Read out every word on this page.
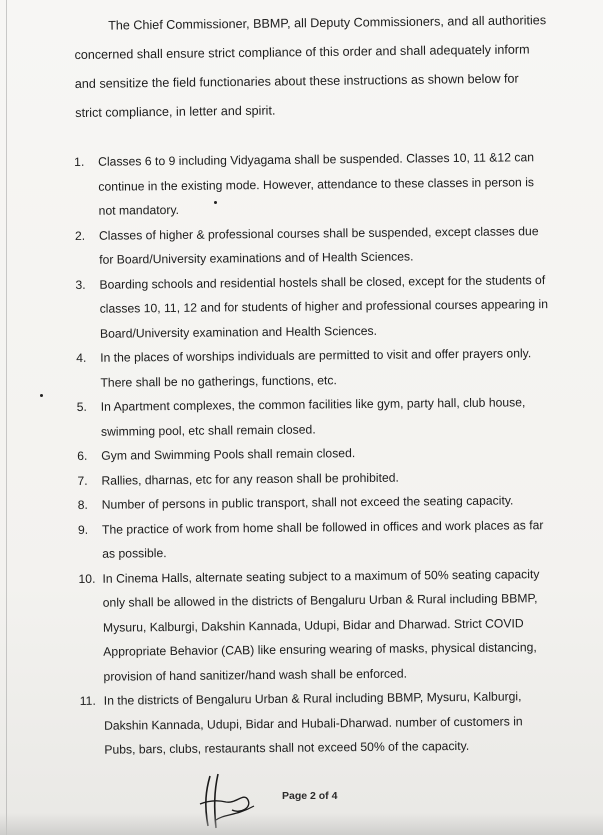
The Chief Commissioner, BBMP, all Deputy Commissioners, and all authorities
concerned shall ensure strict compliance of this order and shall adequately inform
and sensitize the field functionaries about these instructions as shown below for
strict compliance, in letter and spirit.
1. Classes 6 to 9 including Vidyagama shall be suspended. Classes 10, 11 &12 can continue in the existing mode. However, attendance to these classes in person is not mandatory.
2. Classes of higher & professional courses shall be suspended, except classes due for Board/University examinations and of Health Sciences.
3. Boarding schools and residential hostels shall be closed, except for the students of classes 10, 11, 12 and for students of higher and professional courses appearing in Board/University examination and Health Sciences.
4. In the places of worships individuals are permitted to visit and offer prayers only. There shall be no gatherings, functions, etc.
5. In Apartment complexes, the common facilities like gym, party hall, club house, swimming pool, etc shall remain closed.
6. Gym and Swimming Pools shall remain closed.
7. Rallies, dharnas, etc for any reason shall be prohibited.
8. Number of persons in public transport, shall not exceed the seating capacity.
9. The practice of work from home shall be followed in offices and work places as far as possible.
10. In Cinema Halls, alternate seating subject to a maximum of 50% seating capacity only shall be allowed in the districts of Bengaluru Urban & Rural including BBMP, Mysuru, Kalburgi, Dakshin Kannada, Udupi, Bidar and Dharwad. Strict COVID Appropriate Behavior (CAB) like ensuring wearing of masks, physical distancing, provision of hand sanitizer/hand wash shall be enforced.
11. In the districts of Bengaluru Urban & Rural including BBMP, Mysuru, Kalburgi, Dakshin Kannada, Udupi, Bidar and Hubali-Dharwad. number of customers in Pubs, bars, clubs, restaurants shall not exceed 50% of the capacity.
Page 2 of 4
